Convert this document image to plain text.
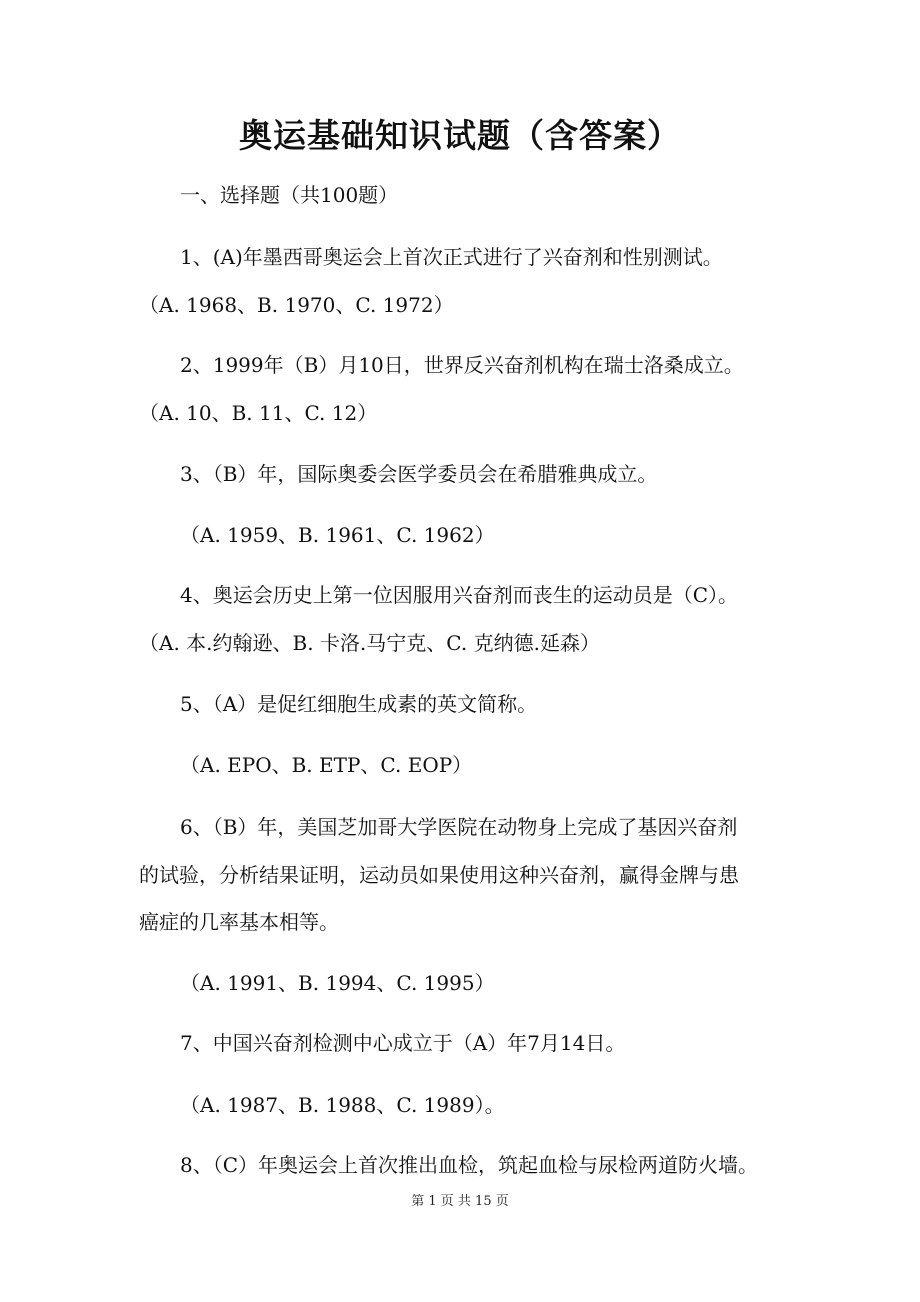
奥运基础知识试题（含答案）
一、选择题（共100题）
1、(A)年墨西哥奥运会上首次正式进行了兴奋剂和性别测试。
（A. 1968、B. 1970、C. 1972）
2、1999年（B）月10日，世界反兴奋剂机构在瑞士洛桑成立。
（A. 10、B. 11、C. 12）
3、（B）年，国际奥委会医学委员会在希腊雅典成立。
（A. 1959、B. 1961、C. 1962）
4、奥运会历史上第一位因服用兴奋剂而丧生的运动员是（C）。
（A. 本.约翰逊、B. 卡洛.马宁克、C. 克纳德.延森）
5、（A）是促红细胞生成素的英文简称。
（A. EPO、B. ETP、C. EOP）
6、（B）年，美国芝加哥大学医院在动物身上完成了基因兴奋剂
的试验，分析结果证明，运动员如果使用这种兴奋剂，赢得金牌与患
癌症的几率基本相等。
（A. 1991、B. 1994、C. 1995）
7、中国兴奋剂检测中心成立于（A）年7月14日。
（A. 1987、B. 1988、C. 1989）。
8、（C）年奥运会上首次推出血检，筑起血检与尿检两道防火墙。
第 1 页 共 15 页
